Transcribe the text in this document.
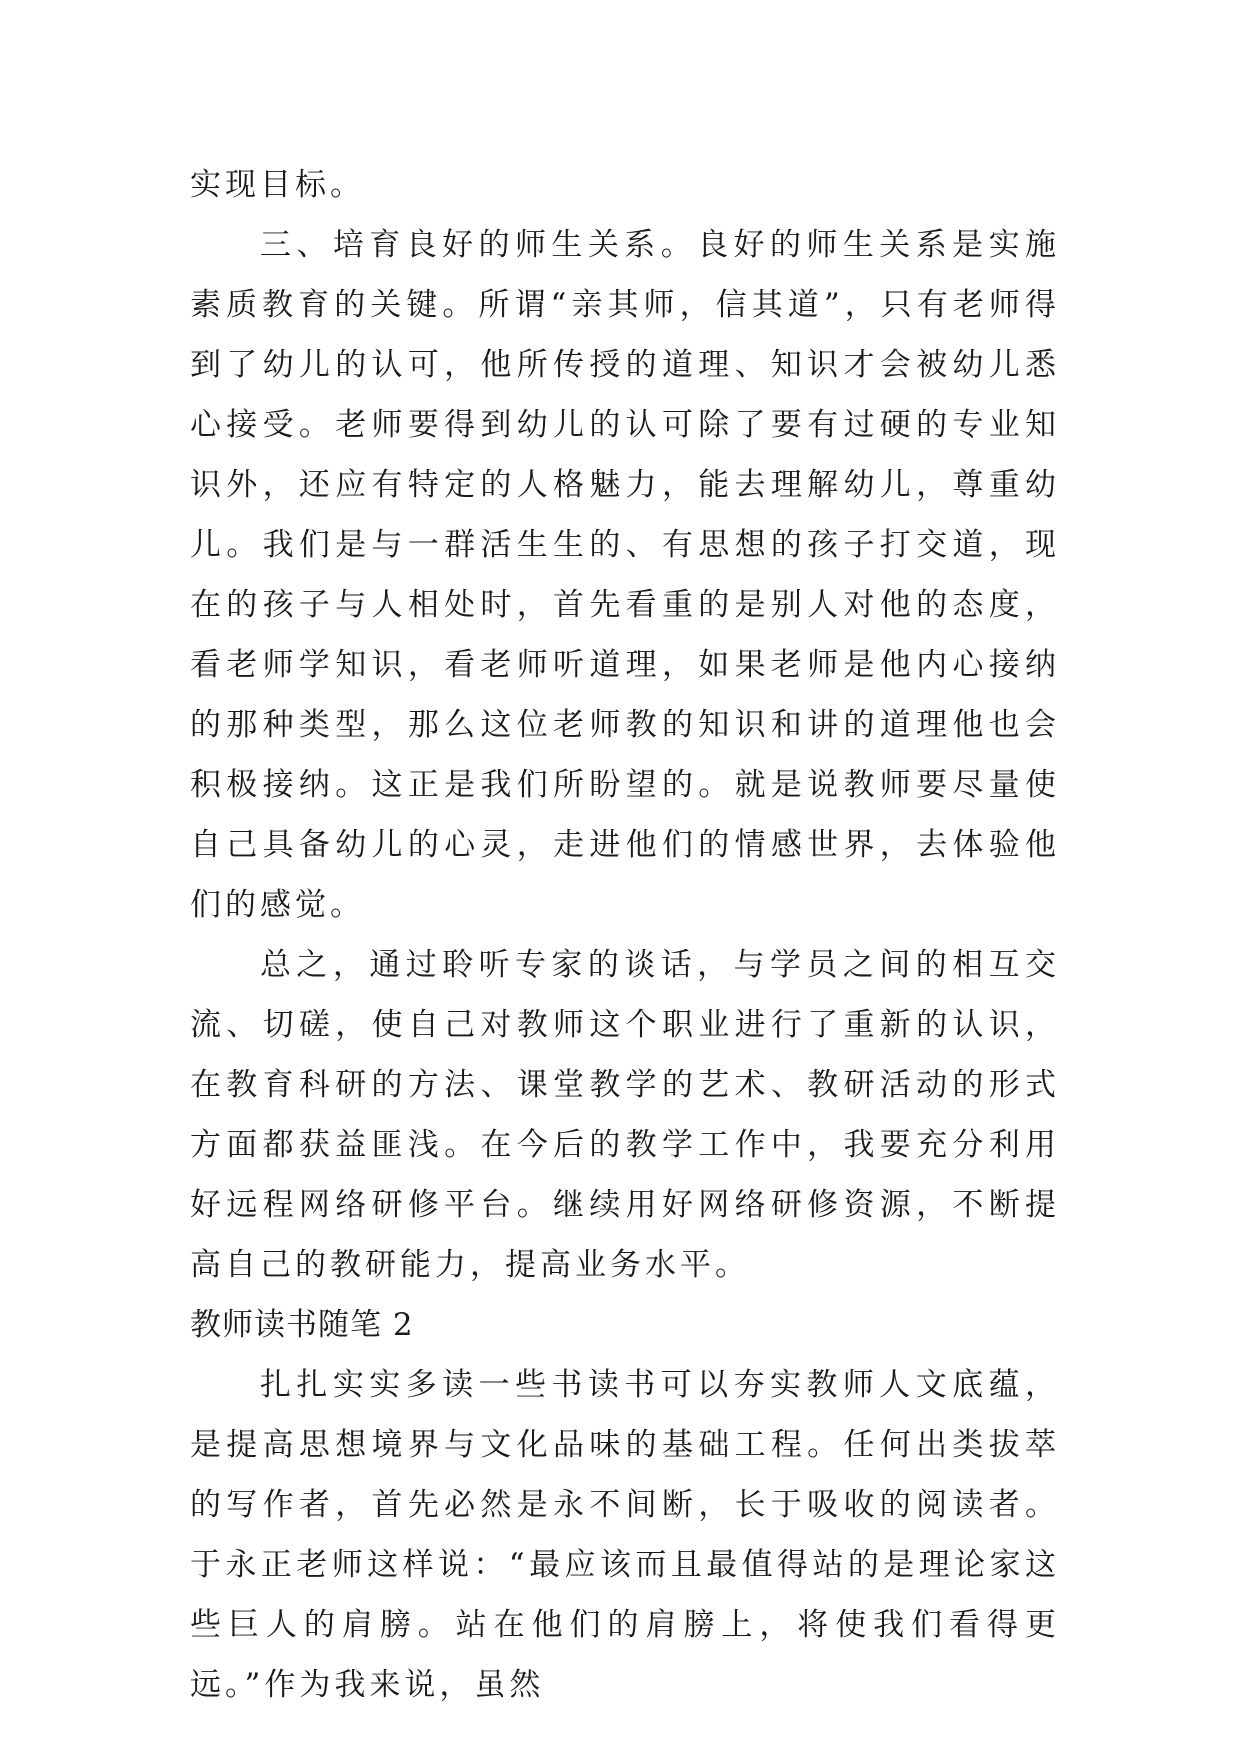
实现目标。

三、培育良好的师生关系。良好的师生关系是实施素质教育的关键。所谓“亲其师，信其道”，只有老师得到了幼儿的认可，他所传授的道理、知识才会被幼儿悉心接受。老师要得到幼儿的认可除了要有过硬的专业知识外，还应有特定的人格魅力，能去理解幼儿，尊重幼儿。我们是与一群活生生的、有思想的孩子打交道，现在的孩子与人相处时，首先看重的是别人对他的态度，看老师学知识，看老师听道理，如果老师是他内心接纳的那种类型，那么这位老师教的知识和讲的道理他也会积极接纳。这正是我们所盼望的。就是说教师要尽量使自己具备幼儿的心灵，走进他们的情感世界，去体验他们的感觉。

总之，通过聆听专家的谈话，与学员之间的相互交流、切磋，使自己对教师这个职业进行了重新的认识，在教育科研的方法、课堂教学的艺术、教研活动的形式方面都获益匪浅。在今后的教学工作中，我要充分利用好远程网络研修平台。继续用好网络研修资源，不断提高自己的教研能力，提高业务水平。

教师读书随笔 2

扎扎实实多读一些书读书可以夯实教师人文底蕴，是提高思想境界与文化品味的基础工程。任何出类拔萃的写作者，首先必然是永不间断，长于吸收的阅读者。于永正老师这样说：“最应该而且最值得站的是理论家这些巨人的肩膀。站在他们的肩膀上，将使我们看得更远。”作为我来说，虽然
